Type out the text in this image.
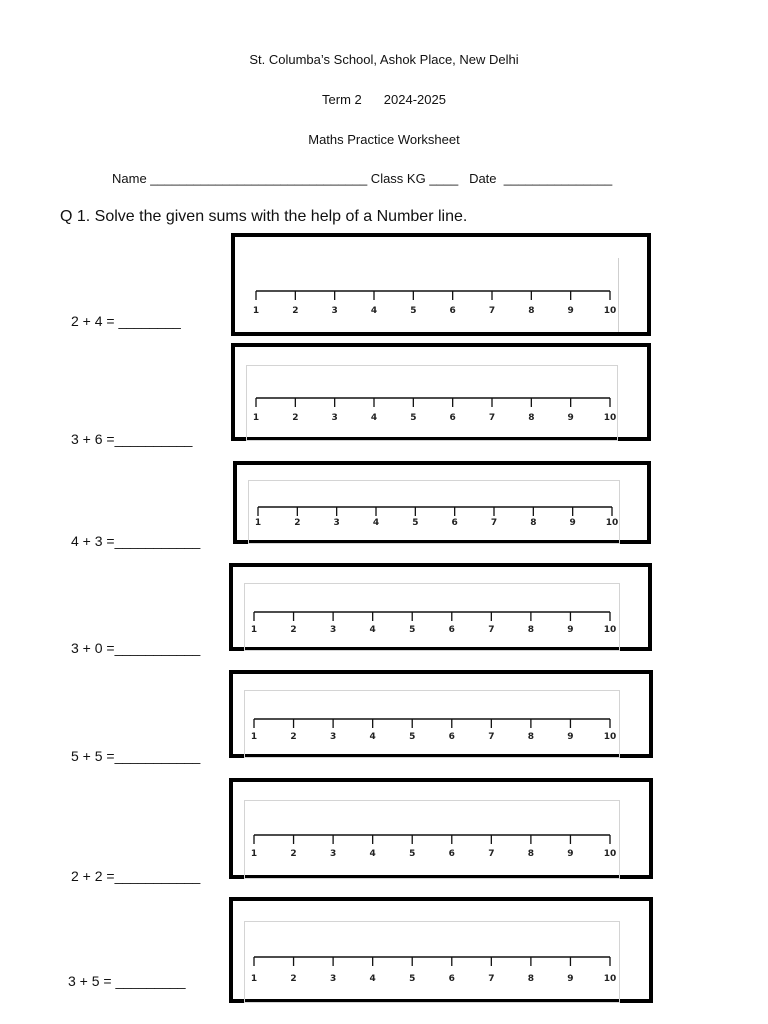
St. Columba’s School, Ashok Place, New Delhi
Term 2 2024-2025
Maths Practice Worksheet
Name ______________________________ Class KG ____   Date  _______________
Q 1. Solve the given sums with the help of a Number line.
2 + 4 = ________
1	2	3	4	5	6	7	8	9	10
3 + 6 =__________
1	2	3	4	5	6	7	8	9	10
4 + 3 =___________
1	2	3	4	5	6	7	8	9	10
3 + 0 =___________
1	2	3	4	5	6	7	8	9	10
5 + 5 =___________
1	2	3	4	5	6	7	8	9	10
2 + 2 =___________
1	2	3	4	5	6	7	8	9	10
3 + 5 = _________	1	2	3	4	5	6	7	8	9	10
